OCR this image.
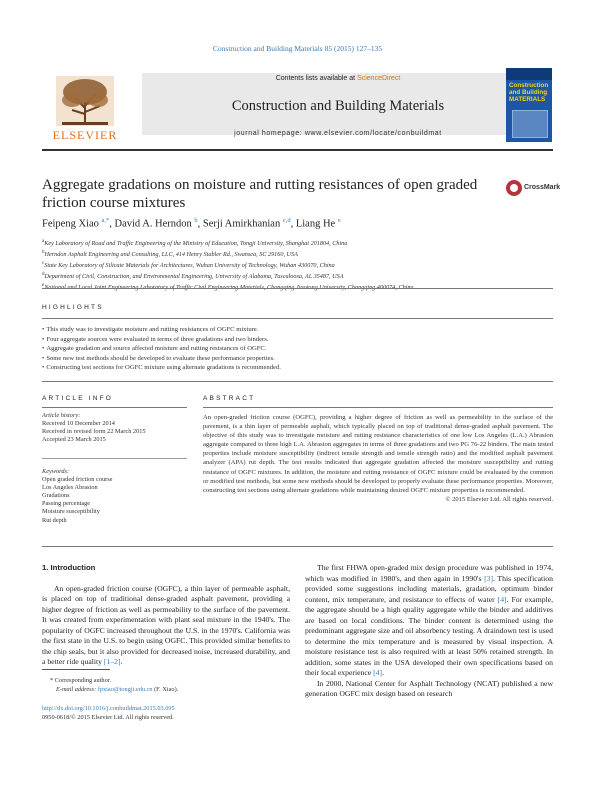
Construction and Building Materials 85 (2015) 127–135
ELSEVIER
Contents lists available at ScienceDirect
Construction and Building Materials
journal homepage: www.elsevier.com/locate/conbuildmat
Construction and Building MATERIALS
Aggregate gradations on moisture and rutting resistances of open graded friction course mixtures
CrossMark
Feipeng Xiao $^{a,*}$, David A. Herndon $^b$, Serji Amirkhanian $^{c,d}$, Liang He $^e$
$^a$Key Laboratory of Road and Traffic Engineering of the Ministry of Education, Tongji University, Shanghai 201804, China
$^b$Herndon Asphalt Engineering and Consulting, LLC, 414 Henry Stabler Rd., Swansea, SC 29160, USA
$^c$State Key Laboratory of Silicate Materials for Architectures, Wuhan University of Technology, Wuhan 430070, China
$^d$Department of Civil, Construction, and Environmental Engineering, University of Alabama, Tuscaloosa, AL 35487, USA
$^e$National and Local Joint Engineering Laboratory of Traffic Civil Engineering Materials, Chongqing Jiaotong University, Chongqing 400074, China
HIGHLIGHTS
• This study was to investigate moisture and rutting resistances of OGFC mixture.
• Four aggregate sources were evaluated in terms of three gradations and two binders.
• Aggregate gradation and source affected moisture and rutting resistances of OGFC.
• Some new test methods should be developed to evaluate these performance properties.
• Constructing test sections for OGFC mixture using alternate gradations is recommended.
ARTICLE INFO	ABSTRACT
Article history:
Received 10 December 2014
Received in revised form 22 March 2015
Accepted 23 March 2015
Keywords:
Open graded friction course
Los Angeles Abrasion
Gradations
Passing percentage
Moisture susceptibility
Rut depth
An open-graded friction course (OGFC), providing a higher degree of friction as well as permeability to the surface of the pavement, is a thin layer of permeable asphalt, which typically placed on top of traditional dense-graded asphalt pavement. The objective of this study was to investigate moisture and rutting resistance characteristics of one low Los Angeles (L.A.) Abrasion aggregate compared to three high L.A. Abrasion aggregates in terms of three gradations and two PG 76-22 binders. The main tested properties include moisture susceptibility (indirect tensile strength and tensile strength ratio) and the modified asphalt pavement analyzer (APA) rut depth. The test results indicated that aggregate gradation affected the moisture susceptibility and rutting resistance of OGFC mixtures. In addition, the moisture and rutting resistance of OGFC mixture could be evaluated by the common or modified test methods, but some new methods should be developed to properly evaluate these performance properties. Moreover, constructing test sections using alternate gradations while maintaining desired OGFC mixture properties is recommended.
© 2015 Elsevier Ltd. All rights reserved.
1. Introduction

An open-graded friction course (OGFC), a thin layer of permeable asphalt, is placed on top of traditional dense-graded asphalt pavement, providing a higher degree of friction as well as permeability to the surface of the pavement. It was created from experimentation with plant seal mixture in the 1940's. The popularity of OGFC increased throughout the U.S. in the 1970's. California was the first state in the U.S. to begin using OGFC. This provided similar benefits to the chip seals, but it also provided for decreased noise, increased durability, and a better ride quality [1–2].

* Corresponding author.
E-mail address: fpxiao@tongji.edu.cn (F. Xiao).
http://dx.doi.org/10.1016/j.conbuildmat.2015.03.095
0950-0618/© 2015 Elsevier Ltd. All rights reserved.

The first FHWA open-graded mix design procedure was published in 1974, which was modified in 1980's, and then again in 1990's [3]. This specification provided some suggestions including materials, gradation, optimum binder content, mix temperature, and resistance to effects of water [4]. For example, the aggregate should be a high quality aggregate while the binder and additives are based on local conditions. The binder content is determined using the predominant aggregate size and oil absorbency testing. A draindown test is used to determine the mix temperature and is measured by visual inspection. A moisture resistance test is also required with at least 50% retained strength. In addition, some states in the USA developed their own specifications based on their local experience [4].

In 2000, National Center for Asphalt Technology (NCAT) published a new generation OGFC mix design based on research
